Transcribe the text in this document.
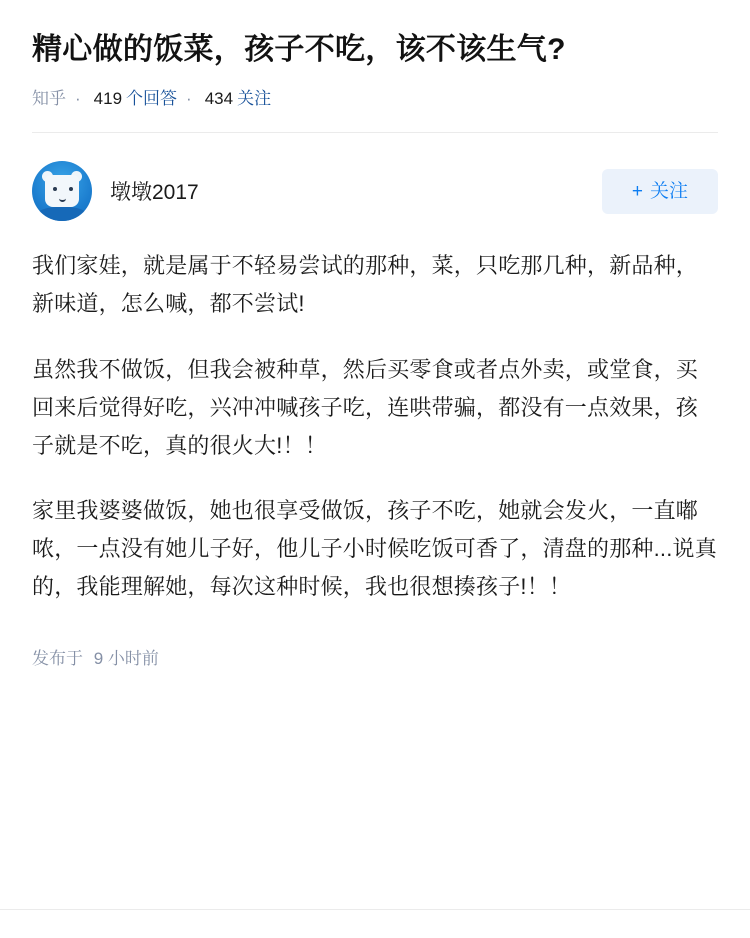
精心做的饭菜，孩子不吃，该不该生气?
知乎 · 419 个回答 · 434 关注
墩墩2017	+ 关注

我们家娃，就是属于不轻易尝试的那种，菜，只吃那几种，新品种，新味道，怎么喊，都不尝试!

虽然我不做饭，但我会被种草，然后买零食或者点外卖，或堂食，买回来后觉得好吃，兴冲冲喊孩子吃，连哄带骗，都没有一点效果，孩子就是不吃，真的很火大!！！

家里我婆婆做饭，她也很享受做饭，孩子不吃，她就会发火，一直嘟哝，一点没有她儿子好，他儿子小时候吃饭可香了，清盘的那种...说真的，我能理解她，每次这种时候，我也很想揍孩子!！！

发布于 9 小时前
